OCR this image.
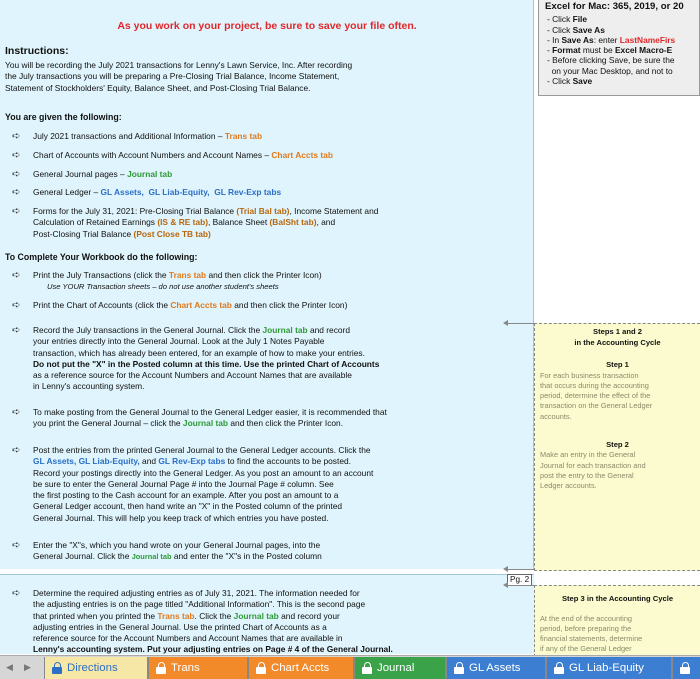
As you work on your project, be sure to save your file often.
Instructions:
You will be recording the July 2021 transactions for Lenny's Lawn Service, Inc. After recording
the July transactions you will be preparing a Pre-Closing Trial Balance, Income Statement,
Statement of Stockholders' Equity, Balance Sheet, and Post-Closing Trial Balance.
You are given the following:
➪ July 2021 transactions and Additional Information – Trans tab
➪ Chart of Accounts with Account Numbers and Account Names – Chart Accts tab
➪ General Journal pages – Journal tab
➪ General Ledger – GL Assets, GL Liab-Equity, GL Rev-Exp tabs
➪ Forms for the July 31, 2021: Pre-Closing Trial Balance (Trial Bal tab), Income Statement and
Calculation of Retained Earnings (IS & RE tab), Balance Sheet (BalSht tab), and
Post-Closing Trial Balance (Post Close TB tab)
To Complete Your Workbook do the following:
➪ Print the July Transactions (click the Trans tab and then click the Printer Icon)
Use YOUR Transaction sheets – do not use another student's sheets
➪ Print the Chart of Accounts (click the Chart Accts tab and then click the Printer Icon)
➪ Record the July transactions in the General Journal. Click the Journal tab and record
your entries directly into the General Journal. Look at the July 1 Notes Payable
transaction, which has already been entered, for an example of how to make your entries.
Do not put the "X" in the Posted column at this time. Use the printed Chart of Accounts
as a reference source for the Account Numbers and Account Names that are available
in Lenny's accounting system.
➪ To make posting from the General Journal to the General Ledger easier, it is recommended that
you print the General Journal – click the Journal tab and then click the Printer Icon.
➪ Post the entries from the printed General Journal to the General Ledger accounts. Click the
GL Assets, GL Liab-Equity, and GL Rev-Exp tabs to find the accounts to be posted.
Record your postings directly into the General Ledger. As you post an amount to an account
be sure to enter the General Journal Page # into the Journal Page # column. See
the first posting to the Cash account for an example. After you post an amount to a
General Ledger account, then hand write an "X" in the Posted column of the printed
General Journal. This will help you keep track of which entries you have posted.
➪ Enter the "X"s, which you hand wrote on your General Journal pages, into the
General Journal. Click the Journal tab and enter the "X"s in the Posted column
➪ Determine the required adjusting entries as of July 31, 2021. The information needed for
the adjusting entries is on the page titled "Additional Information". This is the second page
that printed when you printed the Trans tab. Click the Journal tab and record your
adjusting entries in the General Journal. Use the printed Chart of Accounts as a
reference source for the Account Numbers and Account Names that are available in
Lenny's accounting system. Put your adjusting entries on Page # 4 of the General Journal.
Pg. 2
Excel for Mac: 365, 2019, or 20
- Click File
- Click Save As
- In Save As: enter LastNameFirs
- Format must be Excel Macro-E
- Before clicking Save, be sure the
on your Mac Desktop, and not to
- Click Save
Steps 1 and 2
in the Accounting Cycle
Step 1
For each business transaction
that occurs during the accounting
period, determine the effect of the
transaction on the General Ledger
accounts.
Step 2
Make an entry in the General
Journal for each transaction and
post the entry to the General
Ledger accounts.
Step 3 in the Accounting Cycle
At the end of the accounting
period, before preparing the
financial statements, determine
if any of the General Ledger
◀ ▶	Directions	Trans	Chart Accts	Journal	GL Assets	GL Liab-Equity
